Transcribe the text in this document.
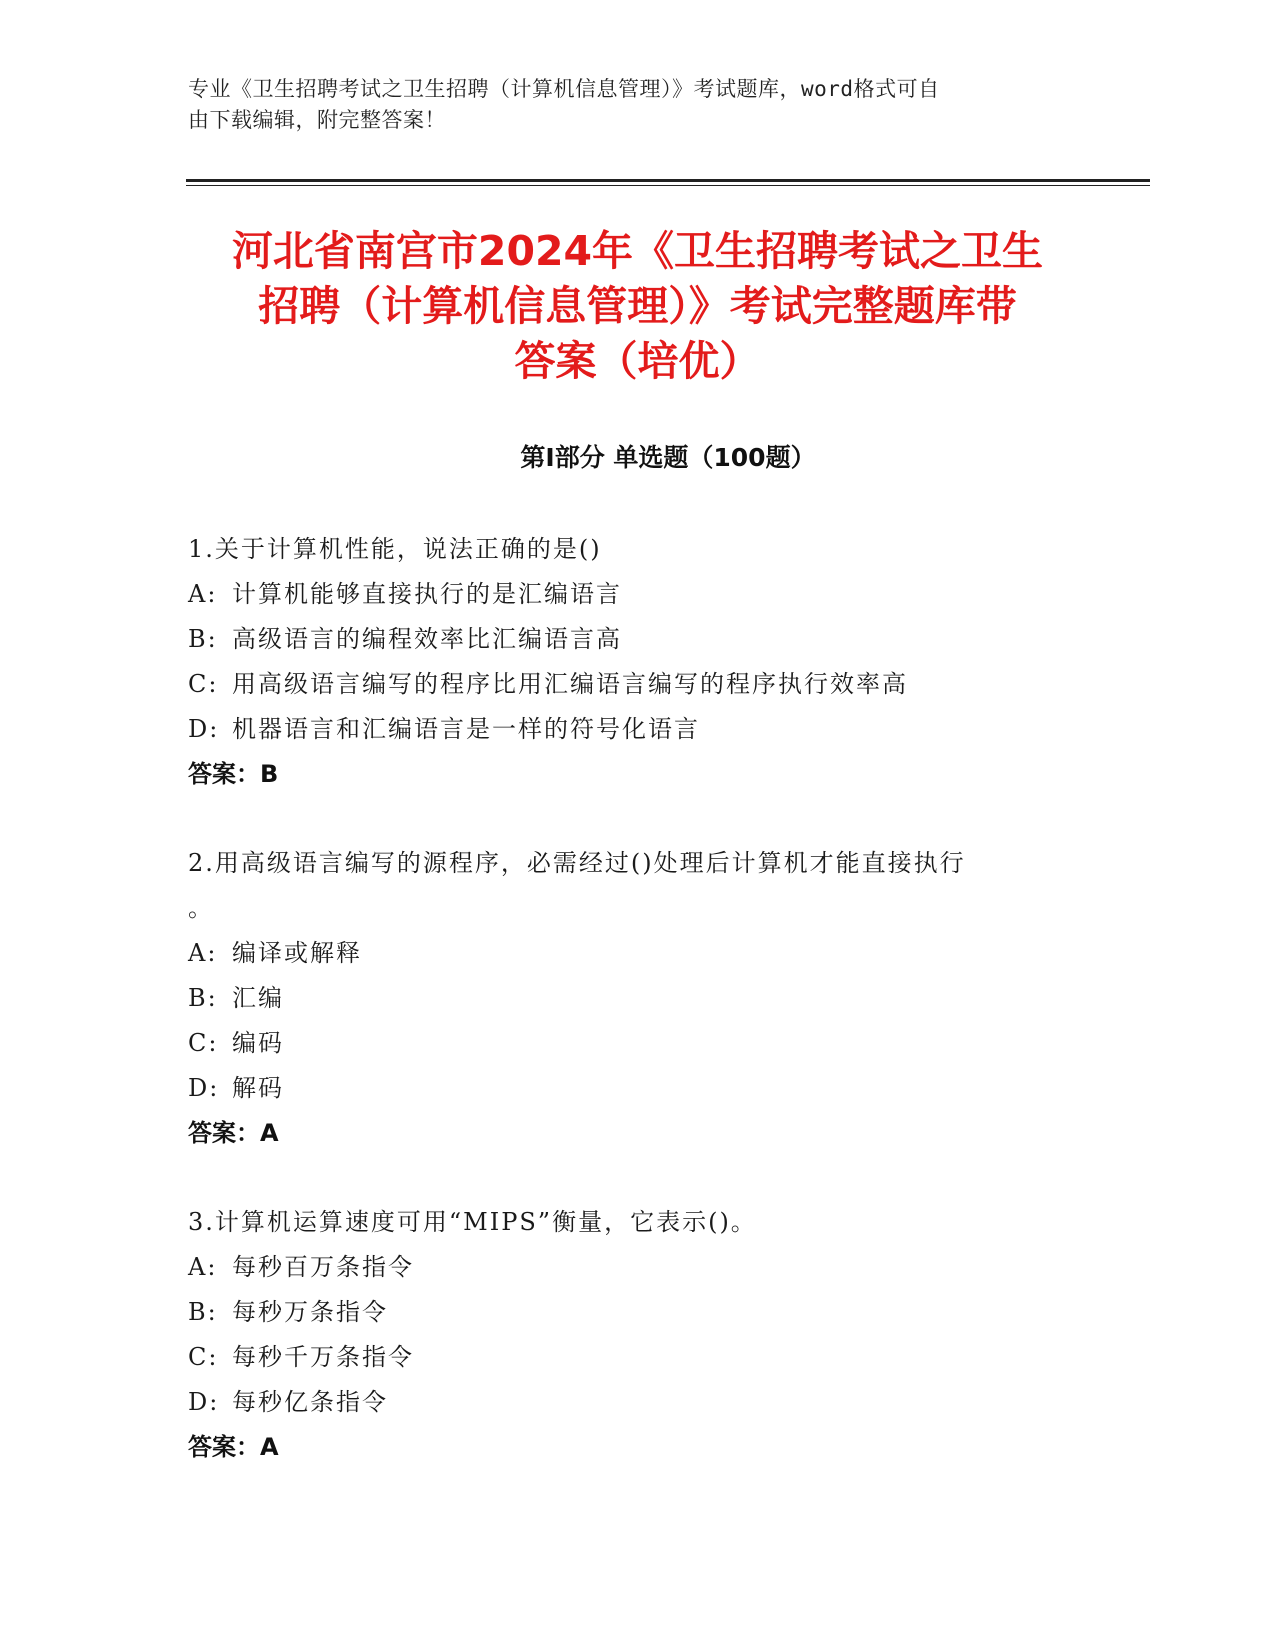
专业《卫生招聘考试之卫生招聘（计算机信息管理）》考试题库，word格式可自
由下载编辑，附完整答案！
河北省南宫市2024年《卫生招聘考试之卫生
招聘（计算机信息管理）》考试完整题库带
答案（培优）
第Ⅰ部分 单选题（100题）
1.关于计算机性能，说法正确的是()
A: 计算机能够直接执行的是汇编语言
B: 高级语言的编程效率比汇编语言高
C: 用高级语言编写的程序比用汇编语言编写的程序执行效率高
D: 机器语言和汇编语言是一样的符号化语言
答案：B
2.用高级语言编写的源程序，必需经过()处理后计算机才能直接执行
。
A: 编译或解释
B: 汇编
C: 编码
D: 解码
答案：A
3.计算机运算速度可用“MIPS”衡量，它表示()。
A: 每秒百万条指令
B: 每秒万条指令
C: 每秒千万条指令
D: 每秒亿条指令
答案：A
